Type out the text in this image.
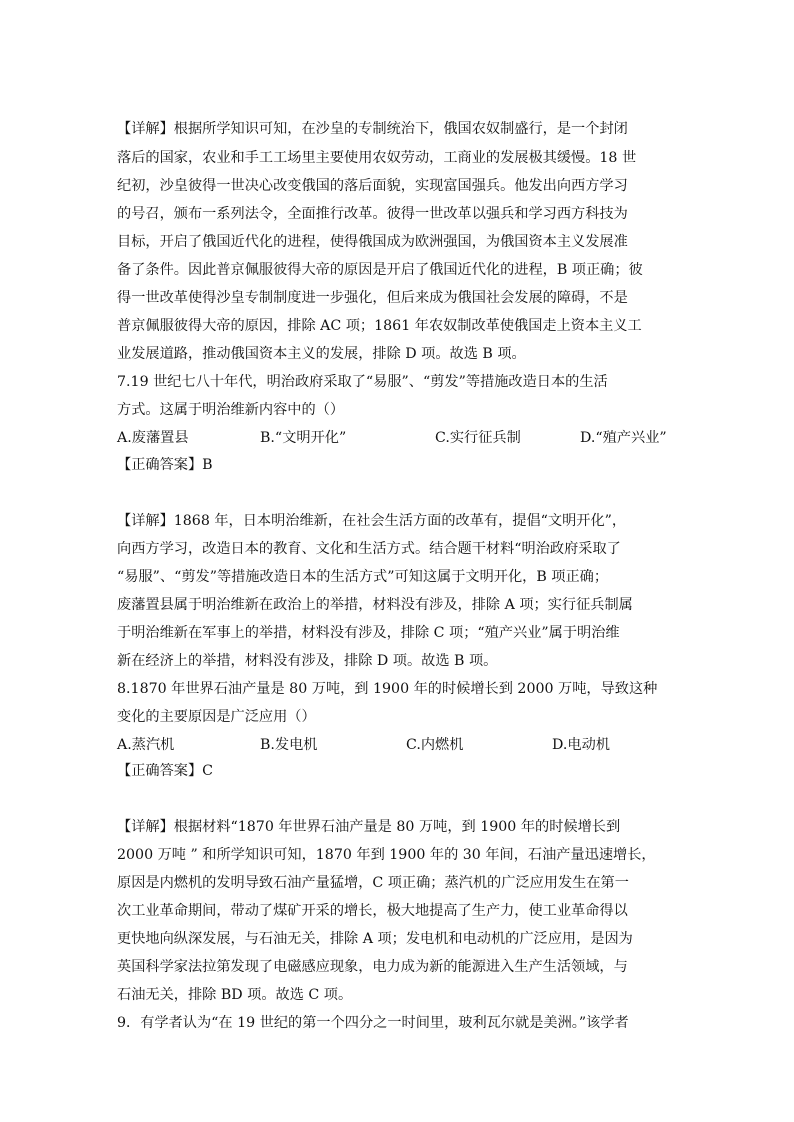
【详解】根据所学知识可知，在沙皇的专制统治下，俄国农奴制盛行，是一个封闭
落后的国家，农业和手工工场里主要使用农奴劳动，工商业的发展极其缓慢。18 世
纪初，沙皇彼得一世决心改变俄国的落后面貌，实现富国强兵。他发出向西方学习
的号召，颁布一系列法令，全面推行改革。彼得一世改革以强兵和学习西方科技为
目标，开启了俄国近代化的进程，使得俄国成为欧洲强国，为俄国资本主义发展准
备了条件。因此普京佩服彼得大帝的原因是开启了俄国近代化的进程，B 项正确；彼
得一世改革使得沙皇专制制度进一步强化，但后来成为俄国社会发展的障碍，不是
普京佩服彼得大帝的原因，排除 AC 项；1861 年农奴制改革使俄国走上资本主义工
业发展道路，推动俄国资本主义的发展，排除 D 项。故选 B 项。
7.19 世纪七八十年代，明治政府采取了“易服”、“剪发”等措施改造日本的生活
方式。这属于明治维新内容中的（）
A.废藩置县	B.“文明开化”	C.实行征兵制	D.“殖产兴业”
【正确答案】B
【详解】1868 年，日本明治维新，在社会生活方面的改革有，提倡“文明开化”，
向西方学习，改造日本的教育、文化和生活方式。结合题干材料“明治政府采取了
“易服”、“剪发”等措施改造日本的生活方式”可知这属于文明开化，B 项正确；
废藩置县属于明治维新在政治上的举措，材料没有涉及，排除 A 项；实行征兵制属
于明治维新在军事上的举措，材料没有涉及，排除 C 项；“殖产兴业”属于明治维
新在经济上的举措，材料没有涉及，排除 D 项。故选 B 项。
8.1870 年世界石油产量是 80 万吨，到 1900 年的时候增长到 2000 万吨，导致这种
变化的主要原因是广泛应用（）
A.蒸汽机	B.发电机	C.内燃机	D.电动机
【正确答案】C
【详解】根据材料“1870 年世界石油产量是 80 万吨，到 1900 年的时候增长到
2000 万吨 ” 和所学知识可知，1870 年到 1900 年的 30 年间，石油产量迅速增长，
原因是内燃机的发明导致石油产量猛增，C 项正确；蒸汽机的广泛应用发生在第一
次工业革命期间，带动了煤矿开采的增长，极大地提高了生产力，使工业革命得以
更快地向纵深发展，与石油无关，排除 A 项；发电机和电动机的广泛应用，是因为
英国科学家法拉第发现了电磁感应现象，电力成为新的能源进入生产生活领域，与
石油无关，排除 BD 项。故选 C 项。
9．有学者认为“在 19 世纪的第一个四分之一时间里，玻利瓦尔就是美洲。”该学者
